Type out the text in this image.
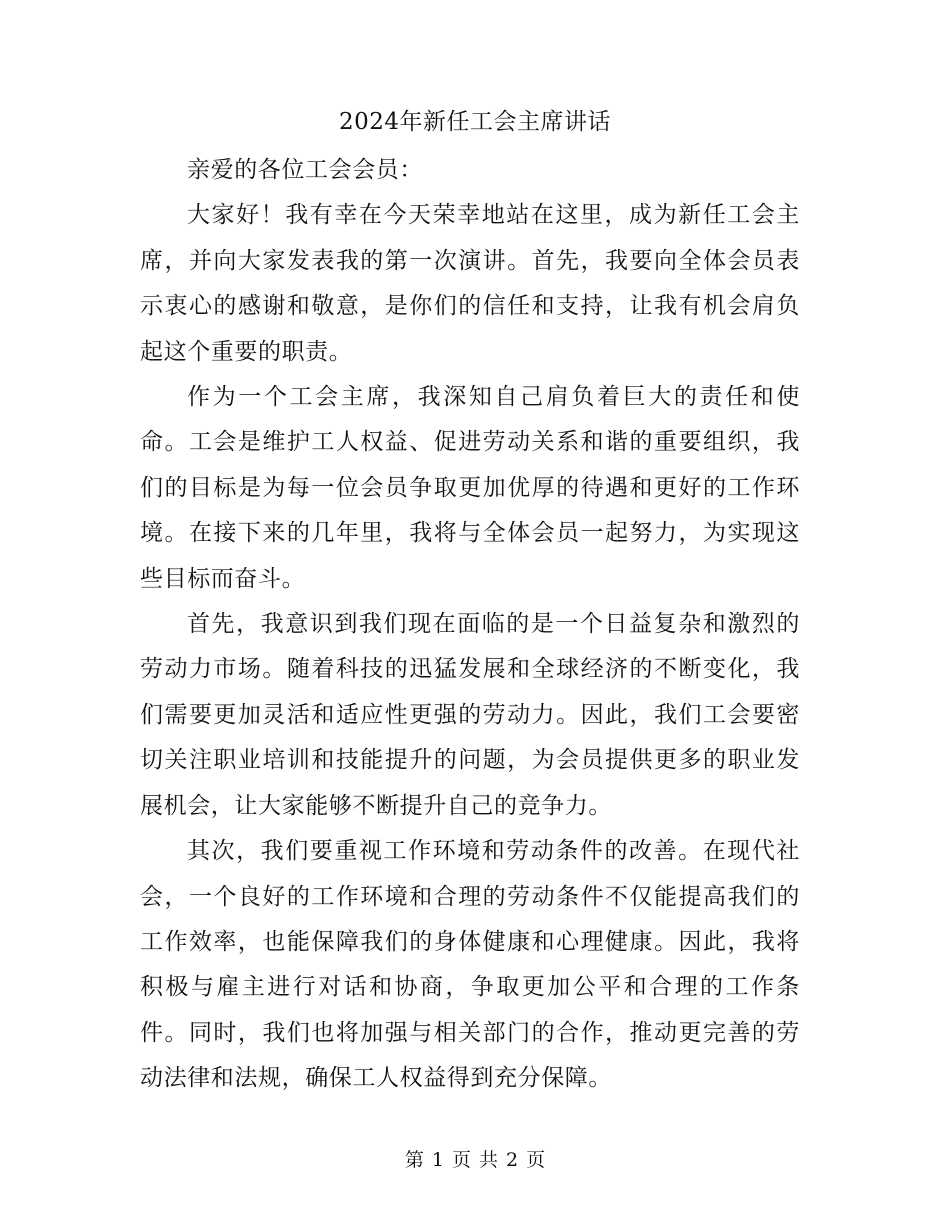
2024年新任工会主席讲话

亲爱的各位工会会员：

大家好！我有幸在今天荣幸地站在这里，成为新任工会主席，并向大家发表我的第一次演讲。首先，我要向全体会员表示衷心的感谢和敬意，是你们的信任和支持，让我有机会肩负起这个重要的职责。

作为一个工会主席，我深知自己肩负着巨大的责任和使命。工会是维护工人权益、促进劳动关系和谐的重要组织，我们的目标是为每一位会员争取更加优厚的待遇和更好的工作环境。在接下来的几年里，我将与全体会员一起努力，为实现这些目标而奋斗。

首先，我意识到我们现在面临的是一个日益复杂和激烈的劳动力市场。随着科技的迅猛发展和全球经济的不断变化，我们需要更加灵活和适应性更强的劳动力。因此，我们工会要密切关注职业培训和技能提升的问题，为会员提供更多的职业发展机会，让大家能够不断提升自己的竞争力。

其次，我们要重视工作环境和劳动条件的改善。在现代社会，一个良好的工作环境和合理的劳动条件不仅能提高我们的工作效率，也能保障我们的身体健康和心理健康。因此，我将积极与雇主进行对话和协商，争取更加公平和合理的工作条件。同时，我们也将加强与相关部门的合作，推动更完善的劳动法律和法规，确保工人权益得到充分保障。

第 1 页 共 2 页
